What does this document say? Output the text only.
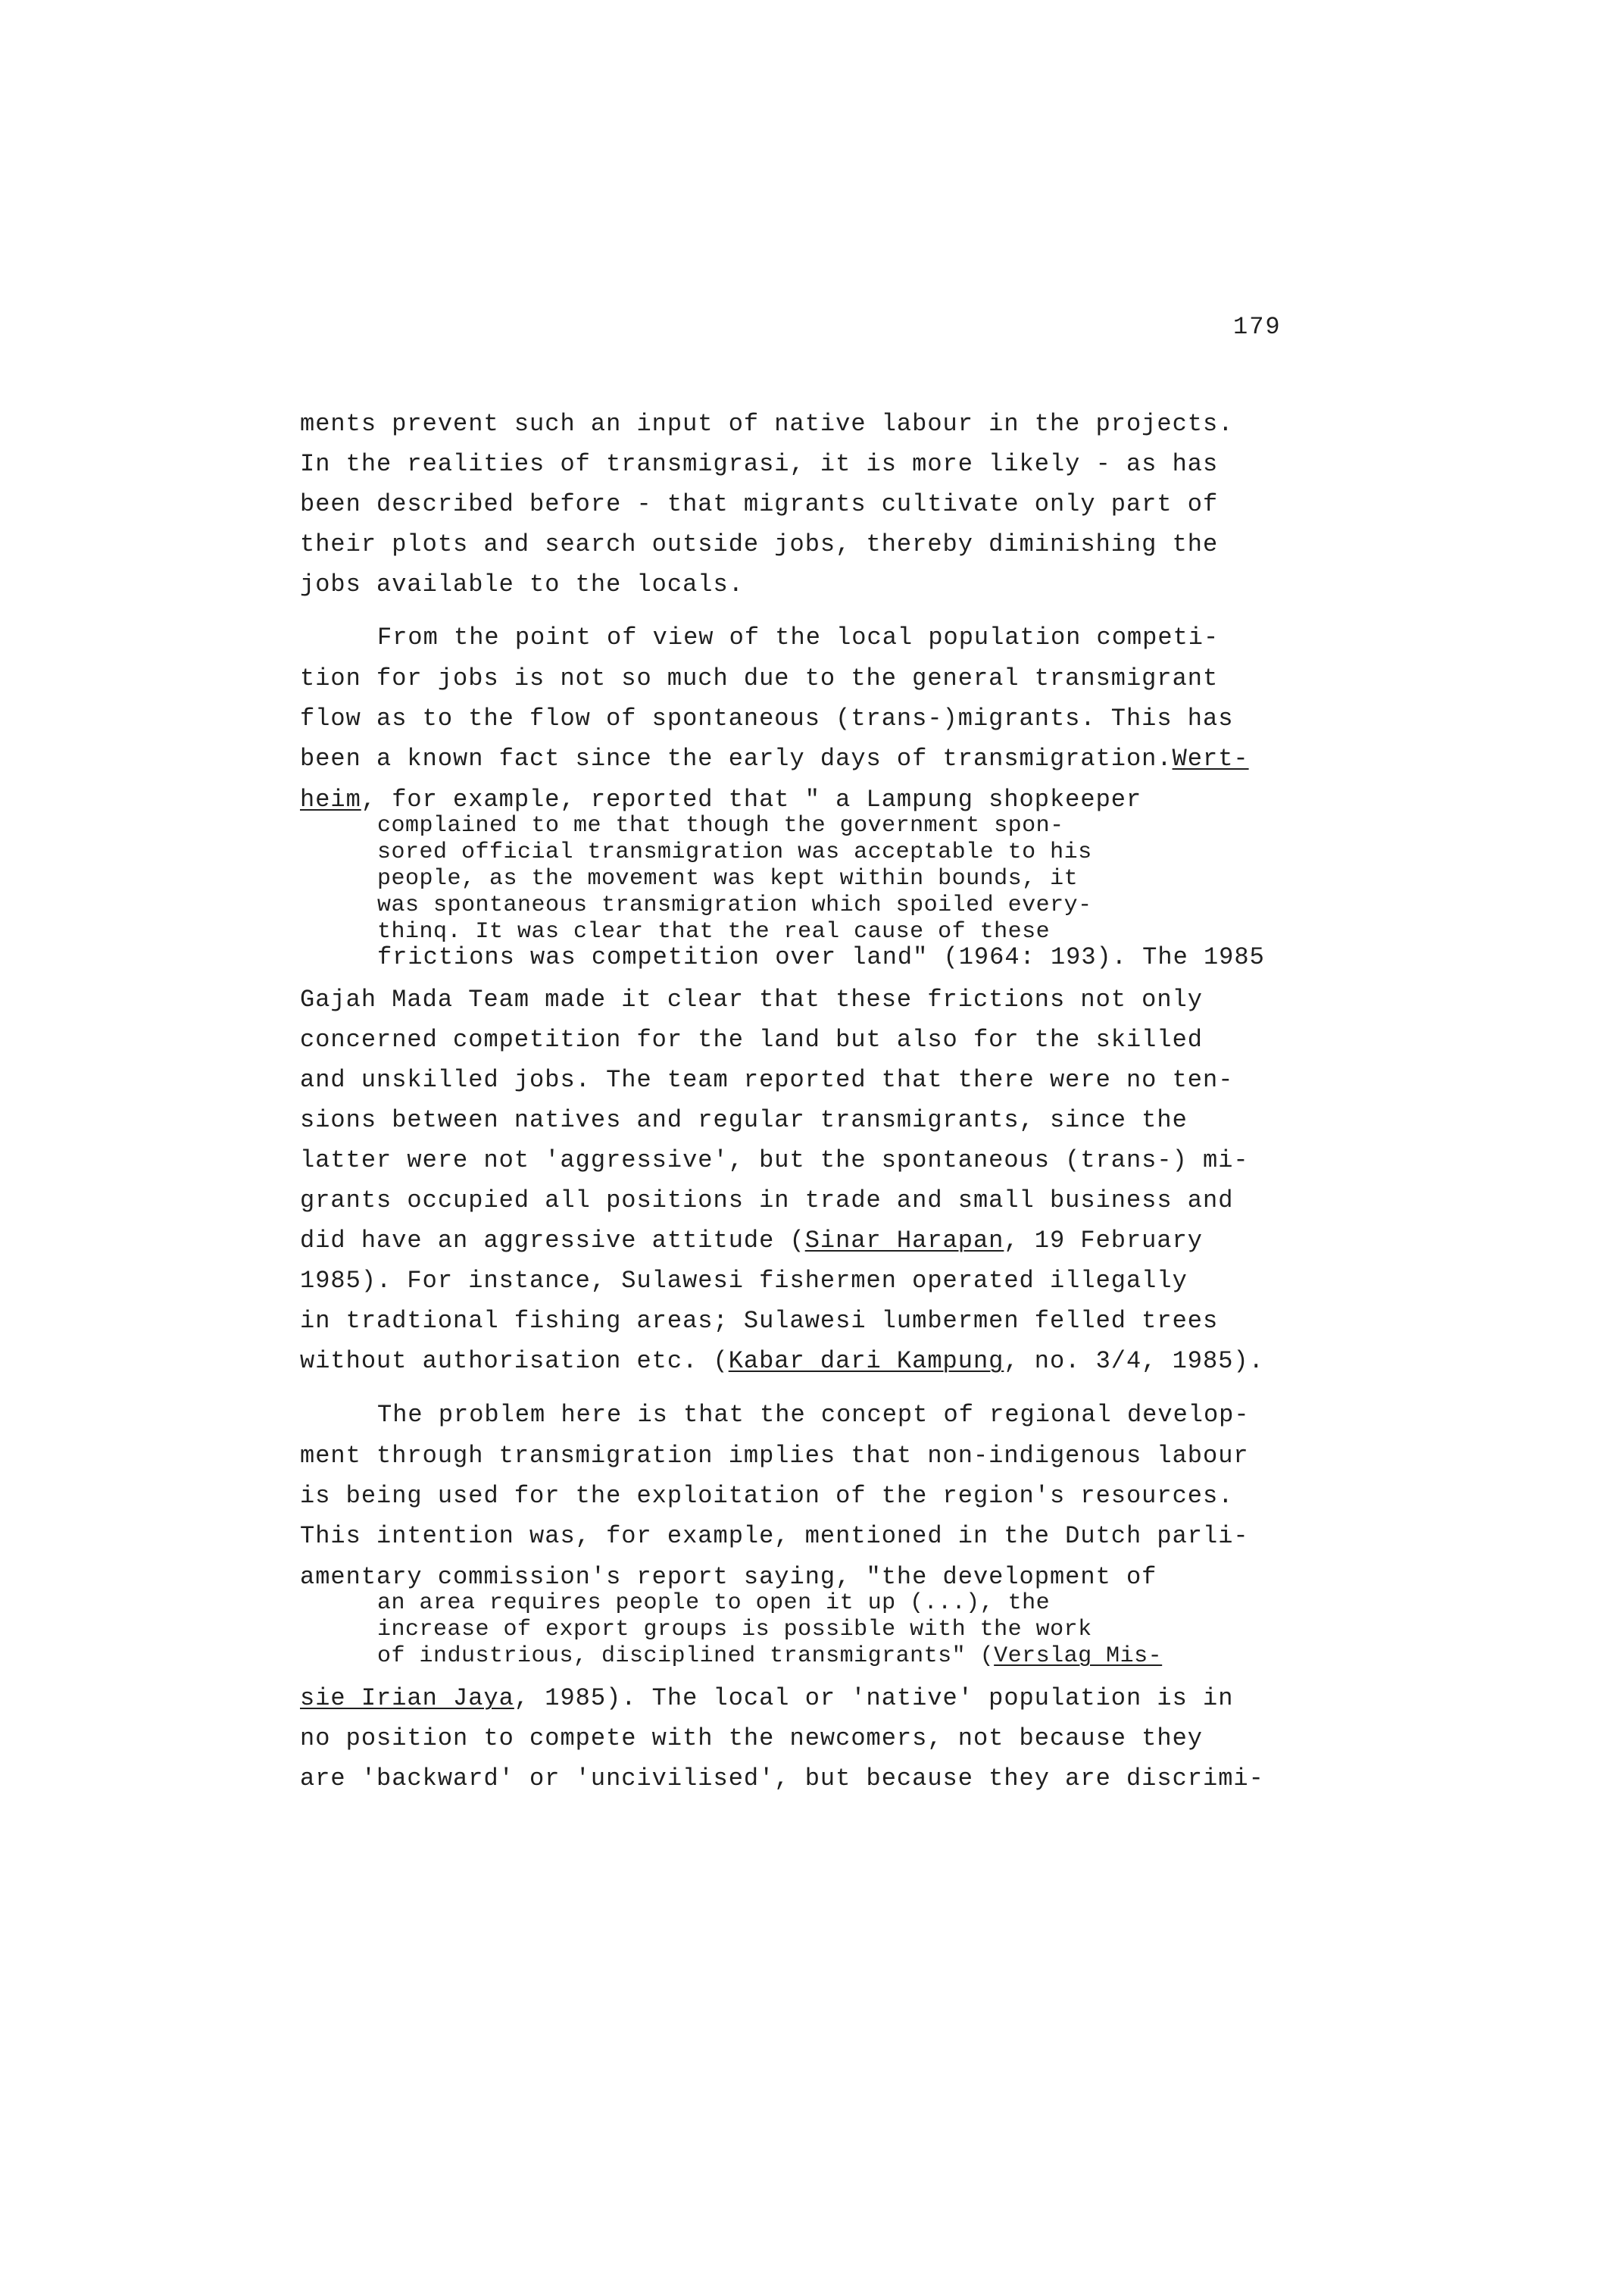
179

ments prevent such an input of native labour in the projects.

In the realities of transmigrasi, it is more likely - as has

been described before - that migrants cultivate only part of

their plots and search outside jobs, thereby diminishing the

jobs available to the locals.

From the point of view of the local population competi-

tion for jobs is not so much due to the general transmigrant

flow as to the flow of spontaneous (trans-)migrants. This has

been a known fact since the early days of transmigration.Wert-

heim, for example, reported that " a Lampung shopkeeper

complained to me that though the government spon-

sored official transmigration was acceptable to his

people, as the movement was kept within bounds, it

was spontaneous transmigration which spoiled every-

thinq. It was clear that the real cause of these

frictions was competition over land" (1964: 193). The 1985

Gajah Mada Team made it clear that these frictions not only

concerned competition for the land but also for the skilled

and unskilled jobs. The team reported that there were no ten-

sions between natives and regular transmigrants, since the

latter were not 'aggressive', but the spontaneous (trans-) mi-

grants occupied all positions in trade and small business and

did have an aggressive attitude (Sinar Harapan, 19 February

1985). For instance, Sulawesi fishermen operated illegally

in tradtional fishing areas; Sulawesi lumbermen felled trees

without authorisation etc. (Kabar dari Kampung, no. 3/4, 1985).

The problem here is that the concept of regional develop-

ment through transmigration implies that non-indigenous labour

is being used for the exploitation of the region's resources.

This intention was, for example, mentioned in the Dutch parli-

amentary commission's report saying, "the development of

an area requires people to open it up (...), the

increase of export groups is possible with the work

of industrious, disciplined transmigrants" (Verslag Mis-

sie Irian Jaya, 1985). The local or 'native' population is in

no position to compete with the newcomers, not because they

are 'backward' or 'uncivilised', but because they are discrimi-
